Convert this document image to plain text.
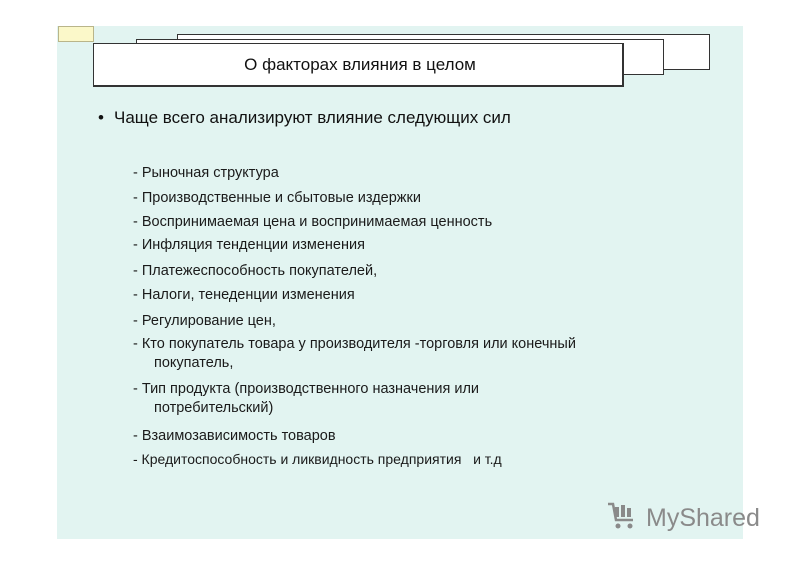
О факторах влияния в целом
• Чаще всего анализируют влияние следующих сил
- Рыночная структура
- Производственные и сбытовые издержки
- Воспринимаемая цена и воспринимаемая ценность
- Инфляция тенденции изменения
- Платежеспособность покупателей,
- Налоги, тенеденции изменения
- Регулирование цен,
- Кто покупатель товара у производителя -торговля или конечный
покупатель,
- Тип продукта (производственного назначения или
потребительский)
- Взаимозависимость товаров
- Кредитоспособность и ликвидность предприятия   и т.д
MyShared
